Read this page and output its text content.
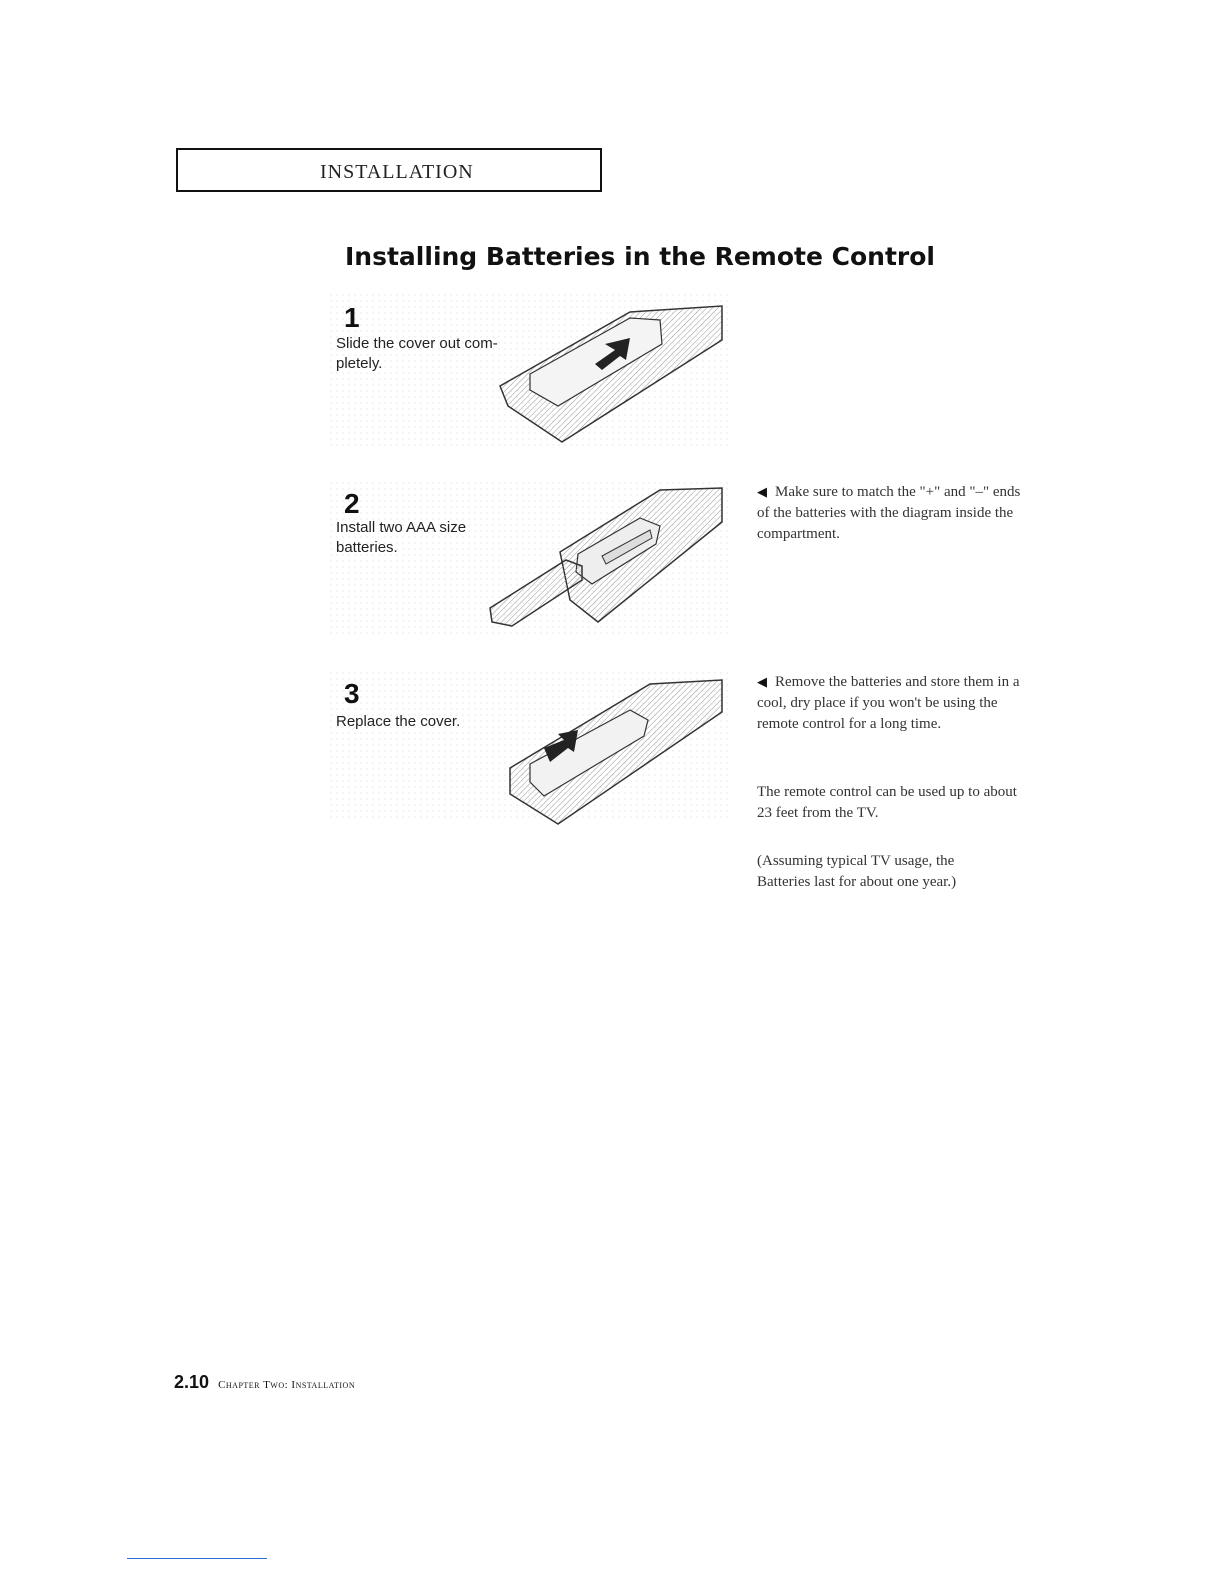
INSTALLATION
Installing Batteries in the Remote Control
1
Slide the cover out com- pletely.
2
Install two AAA size batteries.
3
Replace the cover.
◀ Make sure to match the "+" and "–" ends of the batteries with the diagram inside the compartment.
◀ Remove the batteries and store them in a cool, dry place if you won't be using the remote control for a long time.
The remote control can be used up to about 23 feet from the TV.
(Assuming typical TV usage, the Batteries last for about one year.)
2.10 Chapter Two: Installation
